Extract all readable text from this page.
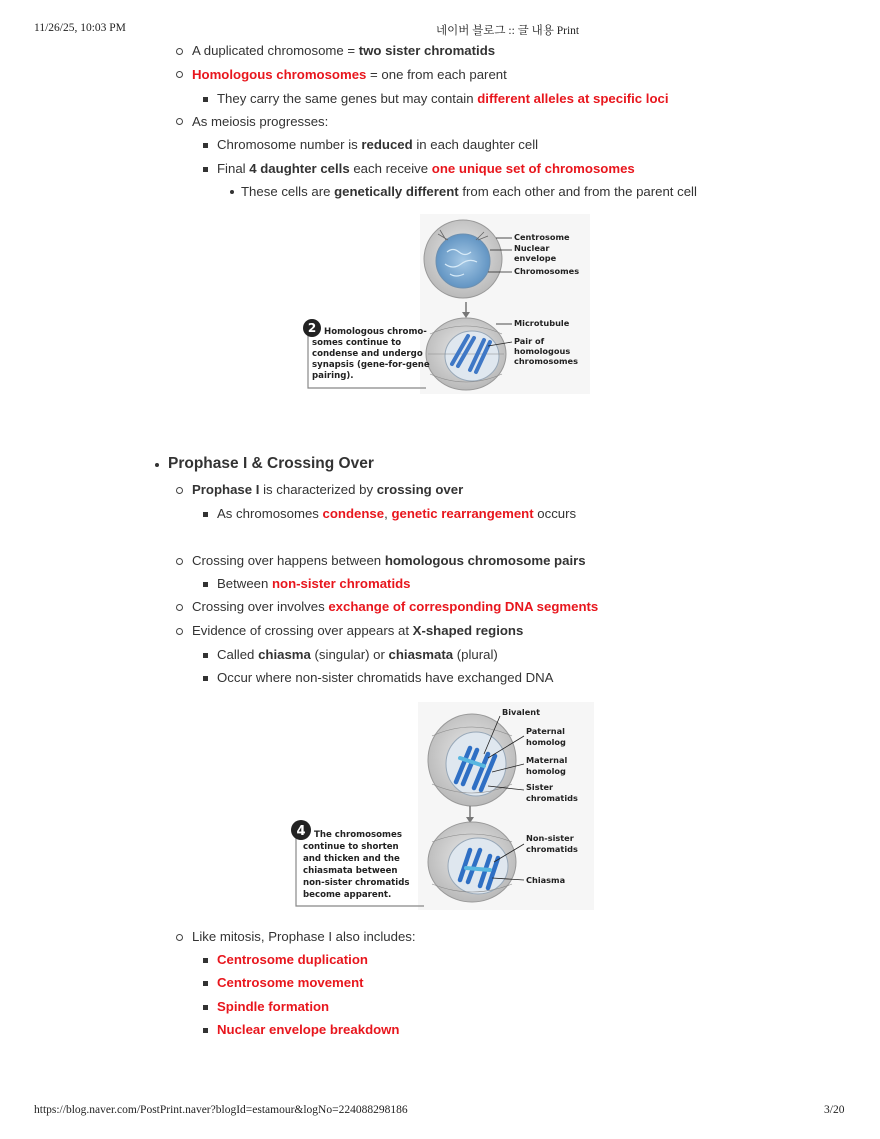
11/26/25, 10:03 PM	네이버 블로그 :: 글 내용 Print
A duplicated chromosome = two sister chromatids
Homologous chromosomes = one from each parent
They carry the same genes but may contain different alleles at specific loci
As meiosis progresses:
Chromosome number is reduced in each daughter cell
Final 4 daughter cells each receive one unique set of chromosomes
These cells are genetically different from each other and from the parent cell
Centrosome
Nuclear
envelope
Chromosomes
Microtubule
Pair of
homologous
chromosomes
2 Homologous chromo-
somes continue to
condense and undergo
synapsis (gene-for-gene
pairing).
Prophase I & Crossing Over
Prophase I is characterized by crossing over
As chromosomes condense, genetic rearrangement occurs
Crossing over happens between homologous chromosome pairs
Between non-sister chromatids
Crossing over involves exchange of corresponding DNA segments
Evidence of crossing over appears at X-shaped regions
Called chiasma (singular) or chiasmata (plural)
Occur where non-sister chromatids have exchanged DNA
Bivalent
Paternal
homolog
Maternal
homolog
Sister
chromatids
Non-sister
chromatids
Chiasma
4 The chromosomes
continue to shorten
and thicken and the
chiasmata between
non-sister chromatids
become apparent.
Like mitosis, Prophase I also includes:
Centrosome duplication
Centrosome movement
Spindle formation
Nuclear envelope breakdown
https://blog.naver.com/PostPrint.naver?blogId=estamour&logNo=224088298186	3/20
